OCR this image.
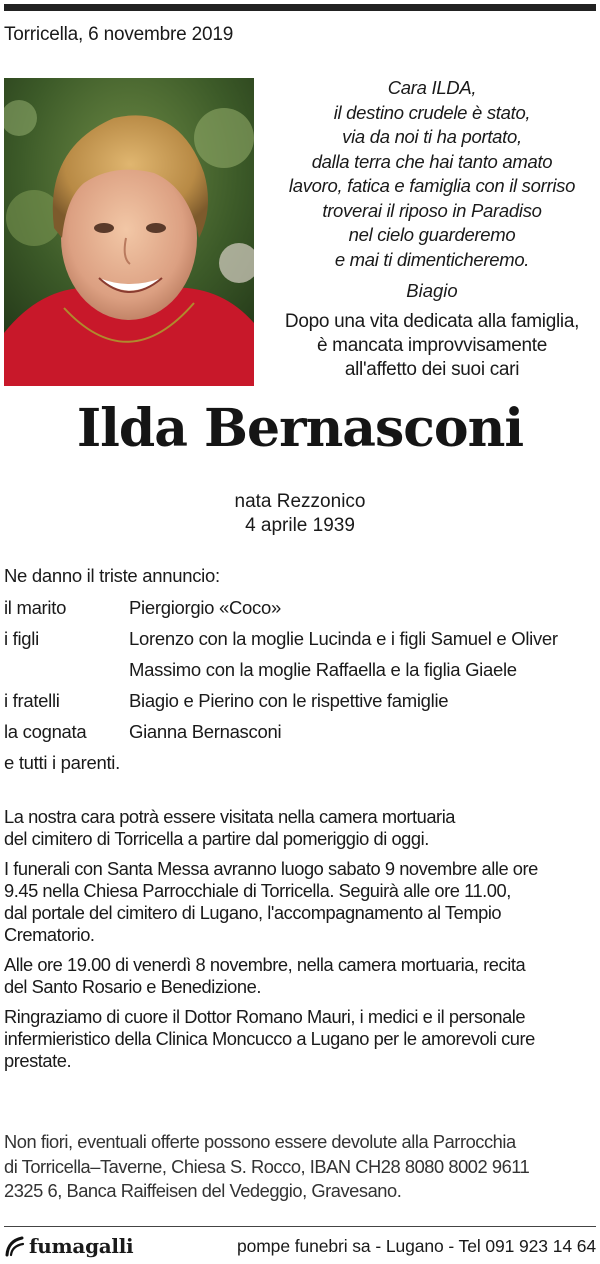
Torricella, 6 novembre 2019
Cara ILDA,
il destino crudele è stato,
via da noi ti ha portato,
dalla terra che hai tanto amato
lavoro, fatica e famiglia con il sorriso
troverai il riposo in Paradiso
nel cielo guarderemo
e mai ti dimenticheremo.
Biagio
Dopo una vita dedicata alla famiglia,
è mancata improvvisamente
all'affetto dei suoi cari
Ilda Bernasconi
nata Rezzonico
4 aprile 1939
Ne danno il triste annuncio:
il marito	Piergiorgio «Coco»
i figli	Lorenzo con la moglie Lucinda e i figli Samuel e Oliver
Massimo con la moglie Raffaella e la figlia Giaele
i fratelli	Biagio e Pierino con le rispettive famiglie
la cognata	Gianna Bernasconi
e tutti i parenti.
La nostra cara potrà essere visitata nella camera mortuaria
del cimitero di Torricella a partire dal pomeriggio di oggi.
I funerali con Santa Messa avranno luogo sabato 9 novembre alle ore
9.45 nella Chiesa Parrocchiale di Torricella. Seguirà alle ore 11.00,
dal portale del cimitero di Lugano, l'accompagnamento al Tempio
Crematorio.
Alle ore 19.00 di venerdì 8 novembre, nella camera mortuaria, recita
del Santo Rosario e Benedizione.
Ringraziamo di cuore il Dottor Romano Mauri, i medici e il personale
infermieristico della Clinica Moncucco a Lugano per le amorevoli cure
prestate.
Non fiori, eventuali offerte possono essere devolute alla Parrocchia
di Torricella–Taverne, Chiesa S. Rocco, IBAN CH28 8080 8002 9611
2325 6, Banca Raiffeisen del Vedeggio, Gravesano.
fumagalli	pompe funebri sa - Lugano - Tel 091 923 14 64
